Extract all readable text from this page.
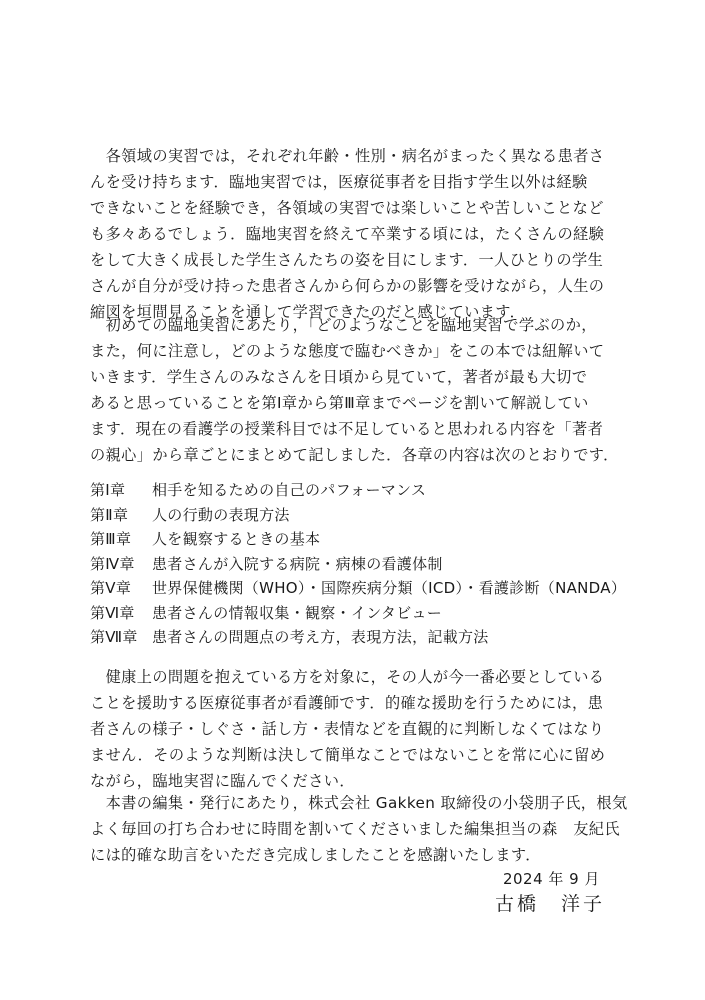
　各領域の実習では，それぞれ年齢・性別・病名がまったく異なる患者さ
んを受け持ちます．臨地実習では，医療従事者を目指す学生以外は経験
できないことを経験でき，各領域の実習では楽しいことや苦しいことなど
も多々あるでしょう．臨地実習を終えて卒業する頃には，たくさんの経験
をして大きく成長した学生さんたちの姿を目にします．一人ひとりの学生
さんが自分が受け持った患者さんから何らかの影響を受けながら，人生の
縮図を垣間見ることを通して学習できたのだと感じています．
　初めての臨地実習にあたり，「どのようなことを臨地実習で学ぶのか，
また，何に注意し，どのような態度で臨むべきか」をこの本では紐解いて
いきます．学生さんのみなさんを日頃から見ていて，著者が最も大切で
あると思っていることを第Ⅰ章から第Ⅲ章までページを割いて解説してい
ます．現在の看護学の授業科目では不足していると思われる内容を「著者
の親心」から章ごとにまとめて記しました．各章の内容は次のとおりです．
第Ⅰ章 相手を知るための自己のパフォーマンス
第Ⅱ章 人の行動の表現方法
第Ⅲ章 人を観察するときの基本
第Ⅳ章 患者さんが入院する病院・病棟の看護体制
第Ⅴ章 世界保健機関（WHO）・国際疾病分類（ICD）・看護診断（NANDA）
第Ⅵ章 患者さんの情報収集・観察・インタビュー
第Ⅶ章 患者さんの問題点の考え方，表現方法，記載方法
　健康上の問題を抱えている方を対象に，その人が今一番必要としている
ことを援助する医療従事者が看護師です．的確な援助を行うためには，患
者さんの様子・しぐさ・話し方・表情などを直観的に判断しなくてはなり
ません．そのような判断は決して簡単なことではないことを常に心に留め
ながら，臨地実習に臨んでください．
　本書の編集・発行にあたり，株式会社 Gakken 取締役の小袋朋子氏，根気
よく毎回の打ち合わせに時間を割いてくださいました編集担当の森　友紀氏
には的確な助言をいただき完成しましたことを感謝いたします．
2024 年 9 月
古橋　洋子
